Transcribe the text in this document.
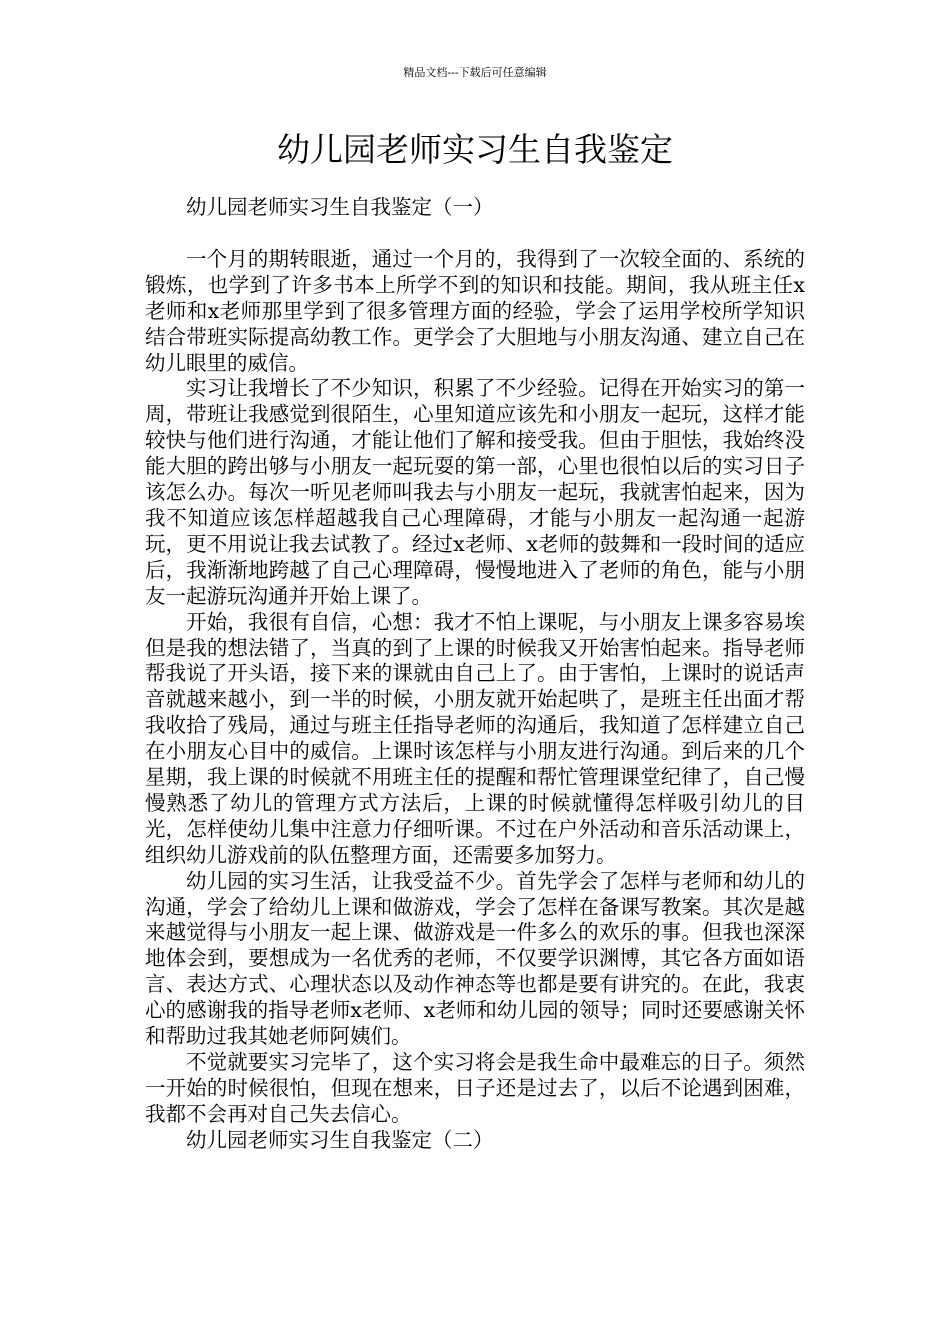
精品文档---下载后可任意编辑
幼儿园老师实习生自我鉴定

幼儿园老师实习生自我鉴定（一）

一个月的期转眼逝，通过一个月的，我得到了一次较全面的、系统的锻炼，也学到了许多书本上所学不到的知识和技能。期间，我从班主任x老师和x老师那里学到了很多管理方面的经验，学会了运用学校所学知识结合带班实际提高幼教工作。更学会了大胆地与小朋友沟通、建立自己在幼儿眼里的威信。

实习让我增长了不少知识，积累了不少经验。记得在开始实习的第一周，带班让我感觉到很陌生，心里知道应该先和小朋友一起玩，这样才能较快与他们进行沟通，才能让他们了解和接受我。但由于胆怯，我始终没能大胆的跨出够与小朋友一起玩耍的第一部，心里也很怕以后的实习日子该怎么办。每次一听见老师叫我去与小朋友一起玩，我就害怕起来，因为我不知道应该怎样超越我自己心理障碍，才能与小朋友一起沟通一起游玩，更不用说让我去试教了。经过x老师、x老师的鼓舞和一段时间的适应后，我渐渐地跨越了自己心理障碍，慢慢地进入了老师的角色，能与小朋友一起游玩沟通并开始上课了。

开始，我很有自信，心想：我才不怕上课呢，与小朋友上课多容易埃但是我的想法错了，当真的到了上课的时候我又开始害怕起来。指导老师帮我说了开头语，接下来的课就由自己上了。由于害怕，上课时的说话声音就越来越小，到一半的时候，小朋友就开始起哄了，是班主任出面才帮我收拾了残局，通过与班主任指导老师的沟通后，我知道了怎样建立自己在小朋友心目中的威信。上课时该怎样与小朋友进行沟通。到后来的几个星期，我上课的时候就不用班主任的提醒和帮忙管理课堂纪律了，自己慢慢熟悉了幼儿的管理方式方法后，上课的时候就懂得怎样吸引幼儿的目光，怎样使幼儿集中注意力仔细听课。不过在户外活动和音乐活动课上，组织幼儿游戏前的队伍整理方面，还需要多加努力。

幼儿园的实习生活，让我受益不少。首先学会了怎样与老师和幼儿的沟通，学会了给幼儿上课和做游戏，学会了怎样在备课写教案。其次是越来越觉得与小朋友一起上课、做游戏是一件多么的欢乐的事。但我也深深地体会到，要想成为一名优秀的老师，不仅要学识渊博，其它各方面如语言、表达方式、心理状态以及动作神态等也都是要有讲究的。在此，我衷心的感谢我的指导老师x老师、x老师和幼儿园的领导；同时还要感谢关怀和帮助过我其她老师阿姨们。

不觉就要实习完毕了，这个实习将会是我生命中最难忘的日子。须然一开始的时候很怕，但现在想来，日子还是过去了，以后不论遇到困难，我都不会再对自己失去信心。

幼儿园老师实习生自我鉴定（二）
